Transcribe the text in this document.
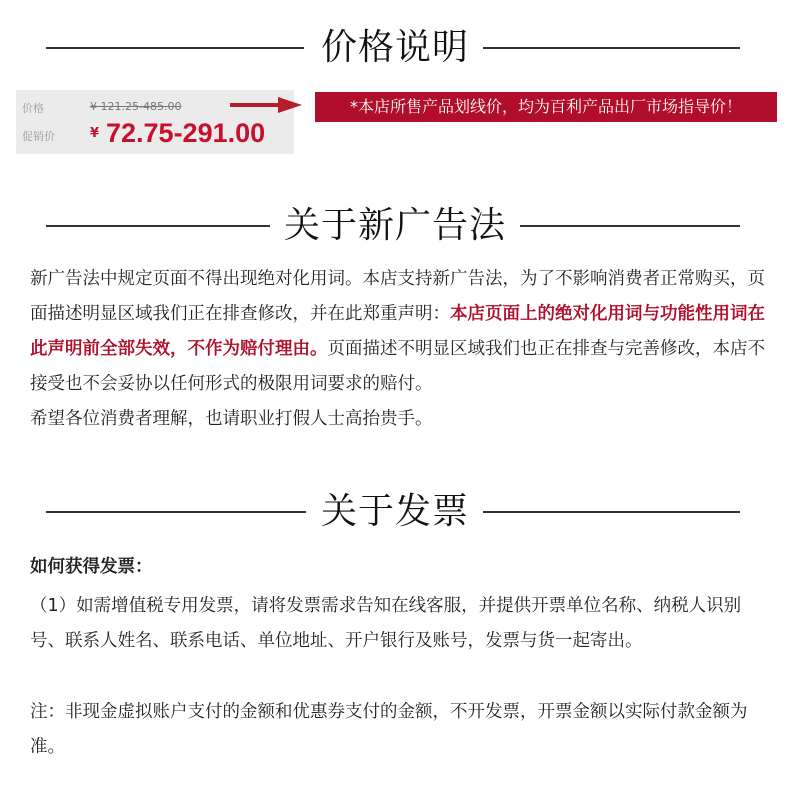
价格说明
价格	¥ 121.25-485.00
促销价	¥ 72.75-291.00
*本店所售产品划线价，均为百利产品出厂市场指导价！
关于新广告法

新广告法中规定页面不得出现绝对化用词。本店支持新广告法，为了不影响消费者正常购买，页面描述明显区域我们正在排查修改，并在此郑重声明：本店页面上的绝对化用词与功能性用词在此声明前全部失效，不作为赔付理由。页面描述不明显区域我们也正在排查与完善修改，本店不接受也不会妥协以任何形式的极限用词要求的赔付。
希望各位消费者理解，也请职业打假人士高抬贵手。

关于发票

如何获得发票：

（1）如需增值税专用发票，请将发票需求告知在线客服，并提供开票单位名称、纳税人识别号、联系人姓名、联系电话、单位地址、开户银行及账号，发票与货一起寄出。

注：非现金虚拟账户支付的金额和优惠券支付的金额，不开发票，开票金额以实际付款金额为准。
